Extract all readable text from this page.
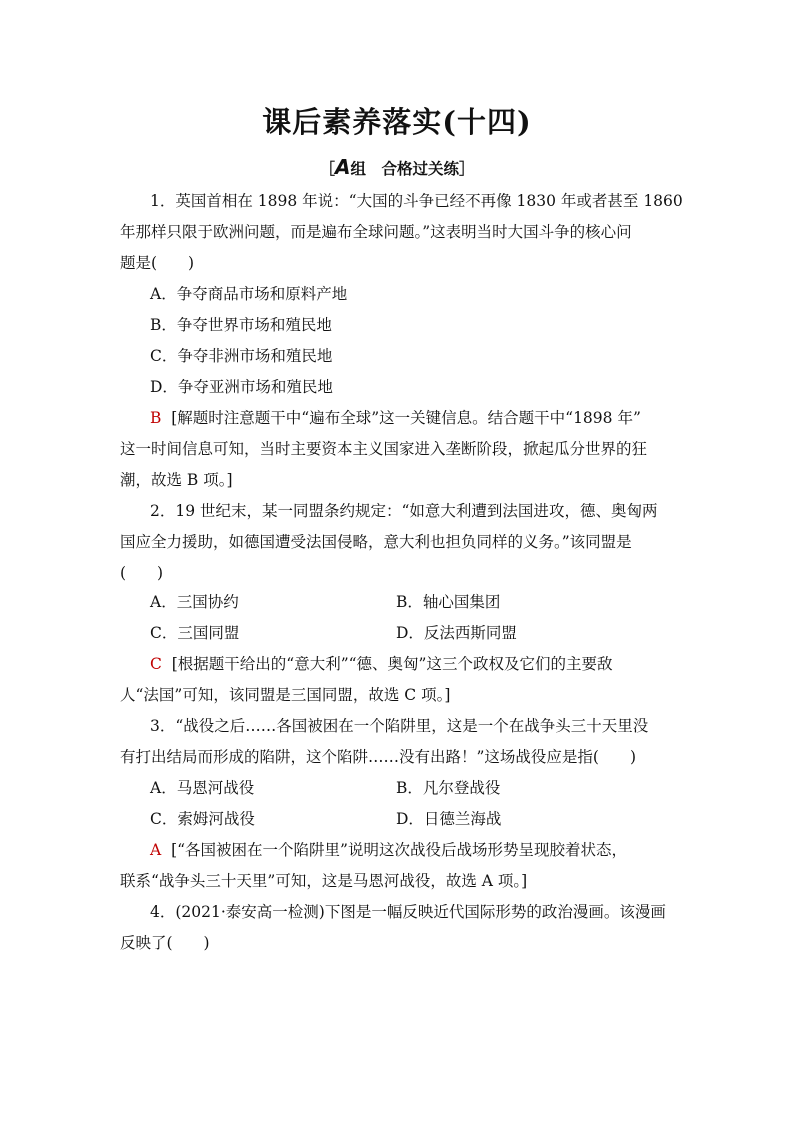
课后素养落实(十四)
［A组　合格过关练］
1．英国首相在 1898 年说：“大国的斗争已经不再像 1830 年或者甚至 1860
年那样只限于欧洲问题，而是遍布全球问题。”这表明当时大国斗争的核心问
题是(　　)
A．争夺商品市场和原料产地
B．争夺世界市场和殖民地
C．争夺非洲市场和殖民地
D．争夺亚洲市场和殖民地
B [解题时注意题干中“遍布全球”这一关键信息。结合题干中“1898 年”
这一时间信息可知，当时主要资本主义国家进入垄断阶段，掀起瓜分世界的狂
潮，故选 B 项。]
2．19 世纪末，某一同盟条约规定：“如意大利遭到法国进攻，德、奥匈两
国应全力援助，如德国遭受法国侵略，意大利也担负同样的义务。”该同盟是
(　　)
A．三国协约	B．轴心国集团
C．三国同盟	D．反法西斯同盟
C [根据题干给出的“意大利”“德、奥匈”这三个政权及它们的主要敌
人“法国”可知，该同盟是三国同盟，故选 C 项。]
3．“战役之后……各国被困在一个陷阱里，这是一个在战争头三十天里没
有打出结局而形成的陷阱，这个陷阱……没有出路！”这场战役应是指(　　)
A．马恩河战役	B．凡尔登战役
C．索姆河战役	D．日德兰海战
A [“各国被困在一个陷阱里”说明这次战役后战场形势呈现胶着状态，
联系“战争头三十天里”可知，这是马恩河战役，故选 A 项。]
4．(2021·泰安高一检测)下图是一幅反映近代国际形势的政治漫画。该漫画
反映了(　　)
